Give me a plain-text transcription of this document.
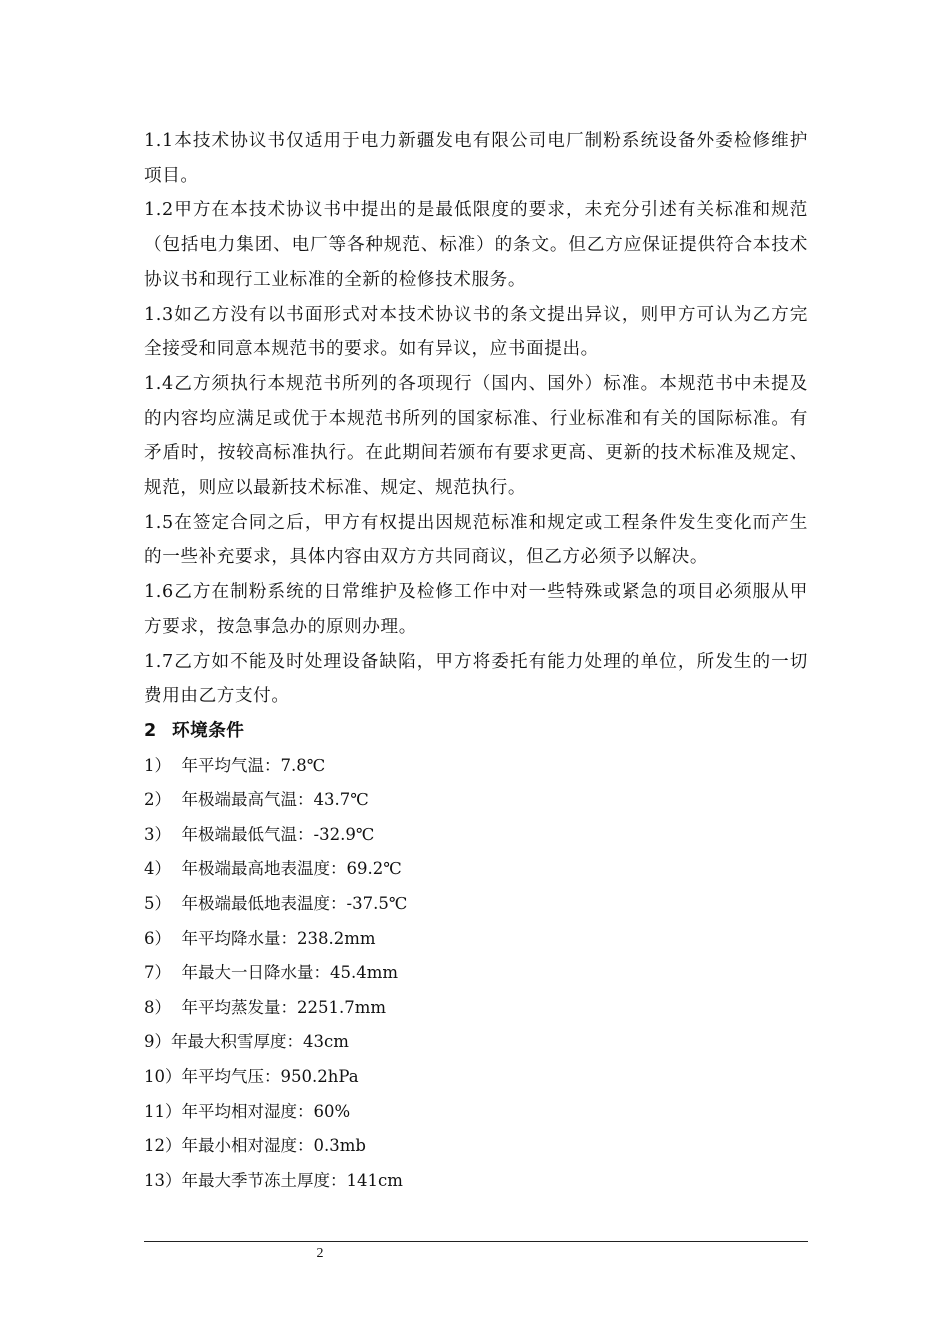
1.1本技术协议书仅适用于电力新疆发电有限公司电厂制粉系统设备外委检修维护项目。

1.2甲方在本技术协议书中提出的是最低限度的要求，未充分引述有关标准和规范（包括电力集团、电厂等各种规范、标准）的条文。但乙方应保证提供符合本技术协议书和现行工业标准的全新的检修技术服务。

1.3如乙方没有以书面形式对本技术协议书的条文提出异议，则甲方可认为乙方完全接受和同意本规范书的要求。如有异议，应书面提出。

1.4乙方须执行本规范书所列的各项现行（国内、国外）标准。本规范书中未提及的内容均应满足或优于本规范书所列的国家标准、行业标准和有关的国际标准。有矛盾时，按较高标准执行。在此期间若颁布有要求更高、更新的技术标准及规定、规范，则应以最新技术标准、规定、规范执行。

1.5在签定合同之后，甲方有权提出因规范标准和规定或工程条件发生变化而产生的一些补充要求，具体内容由双方方共同商议，但乙方必须予以解决。

1.6乙方在制粉系统的日常维护及检修工作中对一些特殊或紧急的项目必须服从甲方要求，按急事急办的原则办理。

1.7乙方如不能及时处理设备缺陷，甲方将委托有能力处理的单位，所发生的一切费用由乙方支付。

2 环境条件

1） 年平均气温：7.8℃

2） 年极端最高气温：43.7℃

3） 年极端最低气温：-32.9℃

4） 年极端最高地表温度：69.2℃

5） 年极端最低地表温度：-37.5℃

6） 年平均降水量：238.2mm

7） 年最大一日降水量：45.4mm

8） 年平均蒸发量：2251.7mm

9）年最大积雪厚度：43cm

10）年平均气压：950.2hPa

11）年平均相对湿度：60%

12）年最小相对湿度：0.3mb

13）年最大季节冻土厚度：141cm

2
